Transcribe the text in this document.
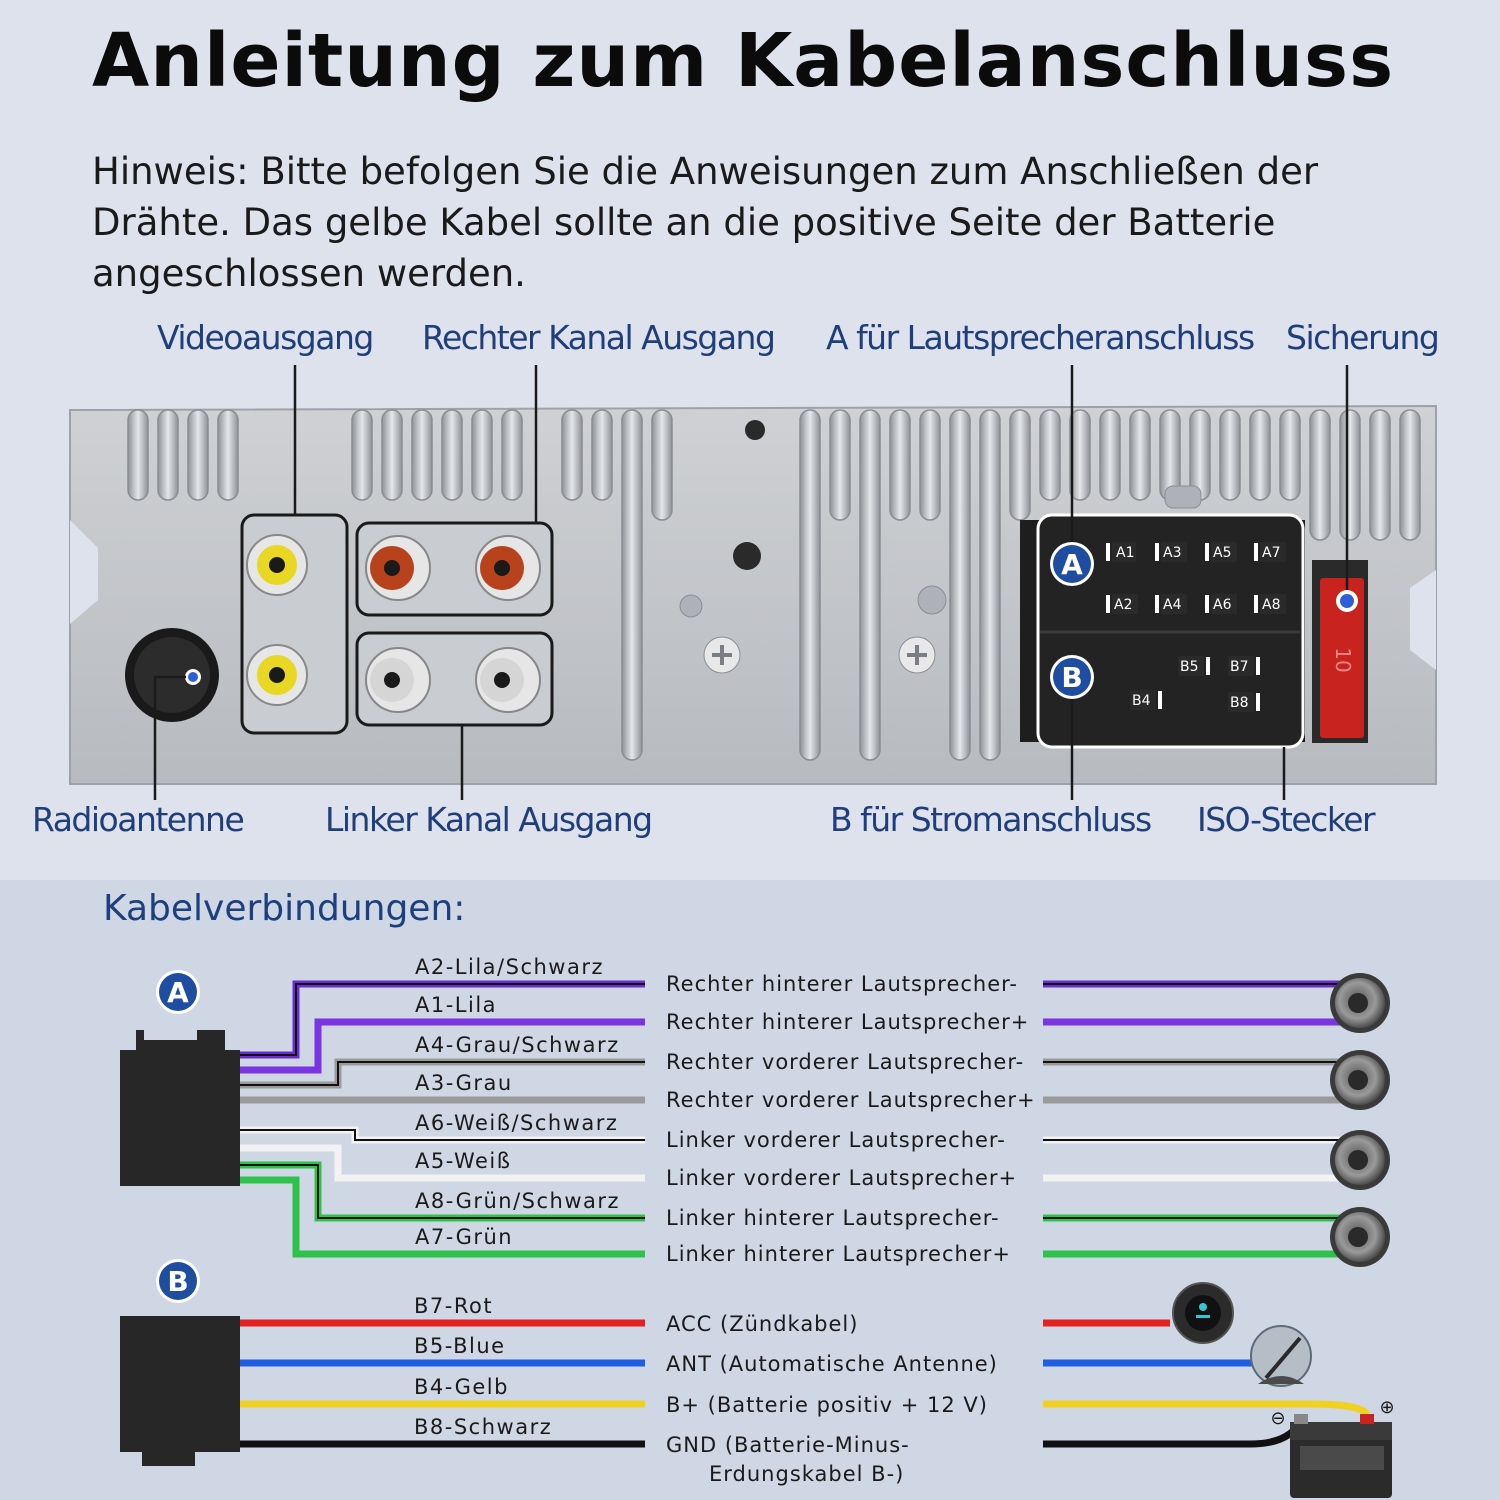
Anleitung zum Kabelanschluss
Hinweis: Bitte befolgen Sie die Anweisungen zum Anschließen der Drähte. Das gelbe Kabel sollte an die positive Seite der Batterie angeschlossen werden.
Videoausgang Rechter Kanal Ausgang A für Lautsprecheranschluss Sicherung
Radioantenne Linker Kanal Ausgang	B für Stromanschluss ISO-Stecker
Kabelverbindungen:
A
B
A1 A3 A5 A7
A2 A4 A6 A8
B5 B7
B4	B8
10
A
A2-Lila/Schwarz
Rechter hinterer Lautsprecher-
A1-Lila
Rechter hinterer Lautsprecher+
A4-Grau/Schwarz
Rechter vorderer Lautsprecher-
A3-Grau
Rechter vorderer Lautsprecher+
A6-Weiß/Schwarz
Linker vorderer Lautsprecher-
A5-Weiß
Linker vorderer Lautsprecher+
A8-Grün/Schwarz
Linker hinterer Lautsprecher-
A7-Grün
Linker hinterer Lautsprecher+
B
B7-Rot
ACC (Zündkabel)
B5-Blue
ANT (Automatische Antenne)
B4-Gelb
B+ (Batterie positiv + 12 V)
B8-Schwarz
GND (Batterie-Minus-
Erdungskabel B-)
⊖
⊕
